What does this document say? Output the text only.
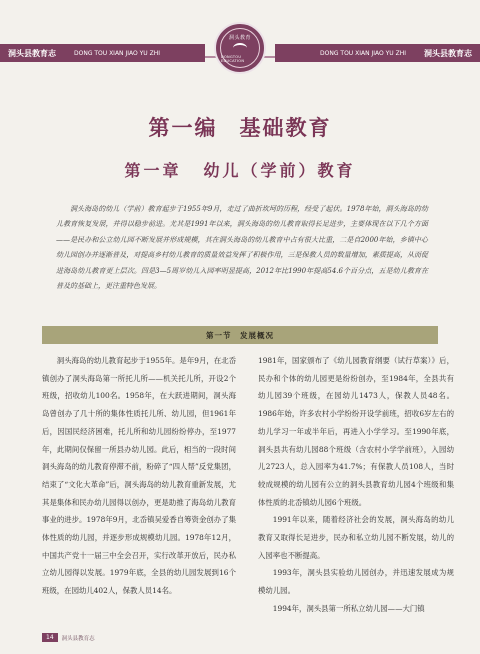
洞头县教育志	DONG TOU XIAN JIAO YU ZHI	DONG TOU XIAN JIAO YU ZHI	洞头县教育志
洞头教育
DONGTOU EDUCATION
第一编 基础教育
第一章 幼儿（学前）教育

洞头海岛的幼儿（学前）教育起步于1955年9月，走过了曲折坎坷的历程，经受了起伏。1978年始，洞头海岛的幼儿教育恢复发展，并得以稳步前进。尤其是1991年以来，洞头海岛的幼儿教育取得长足进步，主要体现在以下几个方面——是民办和公立幼儿园不断发展并形成规模，其在洞头海岛的幼儿教育中占有很大比重，二是自2000年始，乡镇中心幼儿园创办并逐渐普及，对提高乡村幼儿教育的质量效益发挥了积极作用，三是保教人员的数量增加，素质提高，从而促进海岛幼儿教育更上层次。四是3—5周岁幼儿入园率明显提高，2012年比1990年提高54.6个百分点，五是幼儿教育在普及的基础上，更注重特色发展。

第一节　 发展概况

洞头海岛的幼儿教育起步于1955年。是年9月，在北岙镇创办了洞头海岛第一所托儿所——机关托儿所，开设2个班级，招收幼儿100名。1958年，在大跃进期间，洞头海岛曾创办了几十所的集体性质托儿所、幼儿园，但1961年后，因国民经济困难，托儿所和幼儿园纷纷停办，至1977年，此期间仅保留一所县办幼儿园。此后，相当的一段时间洞头海岛的幼儿教育停滞不前，粉碎了“四人帮”反党集团，结束了“文化大革命”后，洞头海岛的幼儿教育重新发展，尤其是集体和民办幼儿园得以创办，更是助推了海岛幼儿教育事业的进步。1978年9月，北岙镇吴爱香自筹资金创办了集体性质的幼儿园，并逐步形成规模幼儿园。1978年12月，中国共产党十一届三中全会召开，实行改革开放后，民办私立幼儿园得以发展。1979年底，全县的幼儿园发展到16个班级，在园幼儿402人，保教人员14名。

1981年，国家颁布了《幼儿园教育纲要（试行草案）》后，民办和个体的幼儿园更是纷纷创办，至1984年，全县共有幼儿园39个班级，在园幼儿1473人，保教人员48名。1986年始，许多农村小学纷纷开设学前班，招收6岁左右的幼儿学习一年或半年后，再进入小学学习。至1990年底，洞头县共有幼儿园88个班级（含农村小学学前班），入园幼儿2723人，总入园率为41.7%；有保教人员108人，当时较成规模的幼儿园有公立的洞头县教育幼儿园4个班级和集体性质的北岙镇幼儿园6个班级。

1991年以来，随着经济社会的发展，洞头海岛的幼儿教育又取得长足进步，民办和私立幼儿园不断发展，幼儿的入园率也不断提高。

1993年，洞头县实验幼儿园创办，并迅速发展成为规模幼儿园。

1994年，洞头县第一所私立幼儿园——大门镇

14	洞头县教育志
